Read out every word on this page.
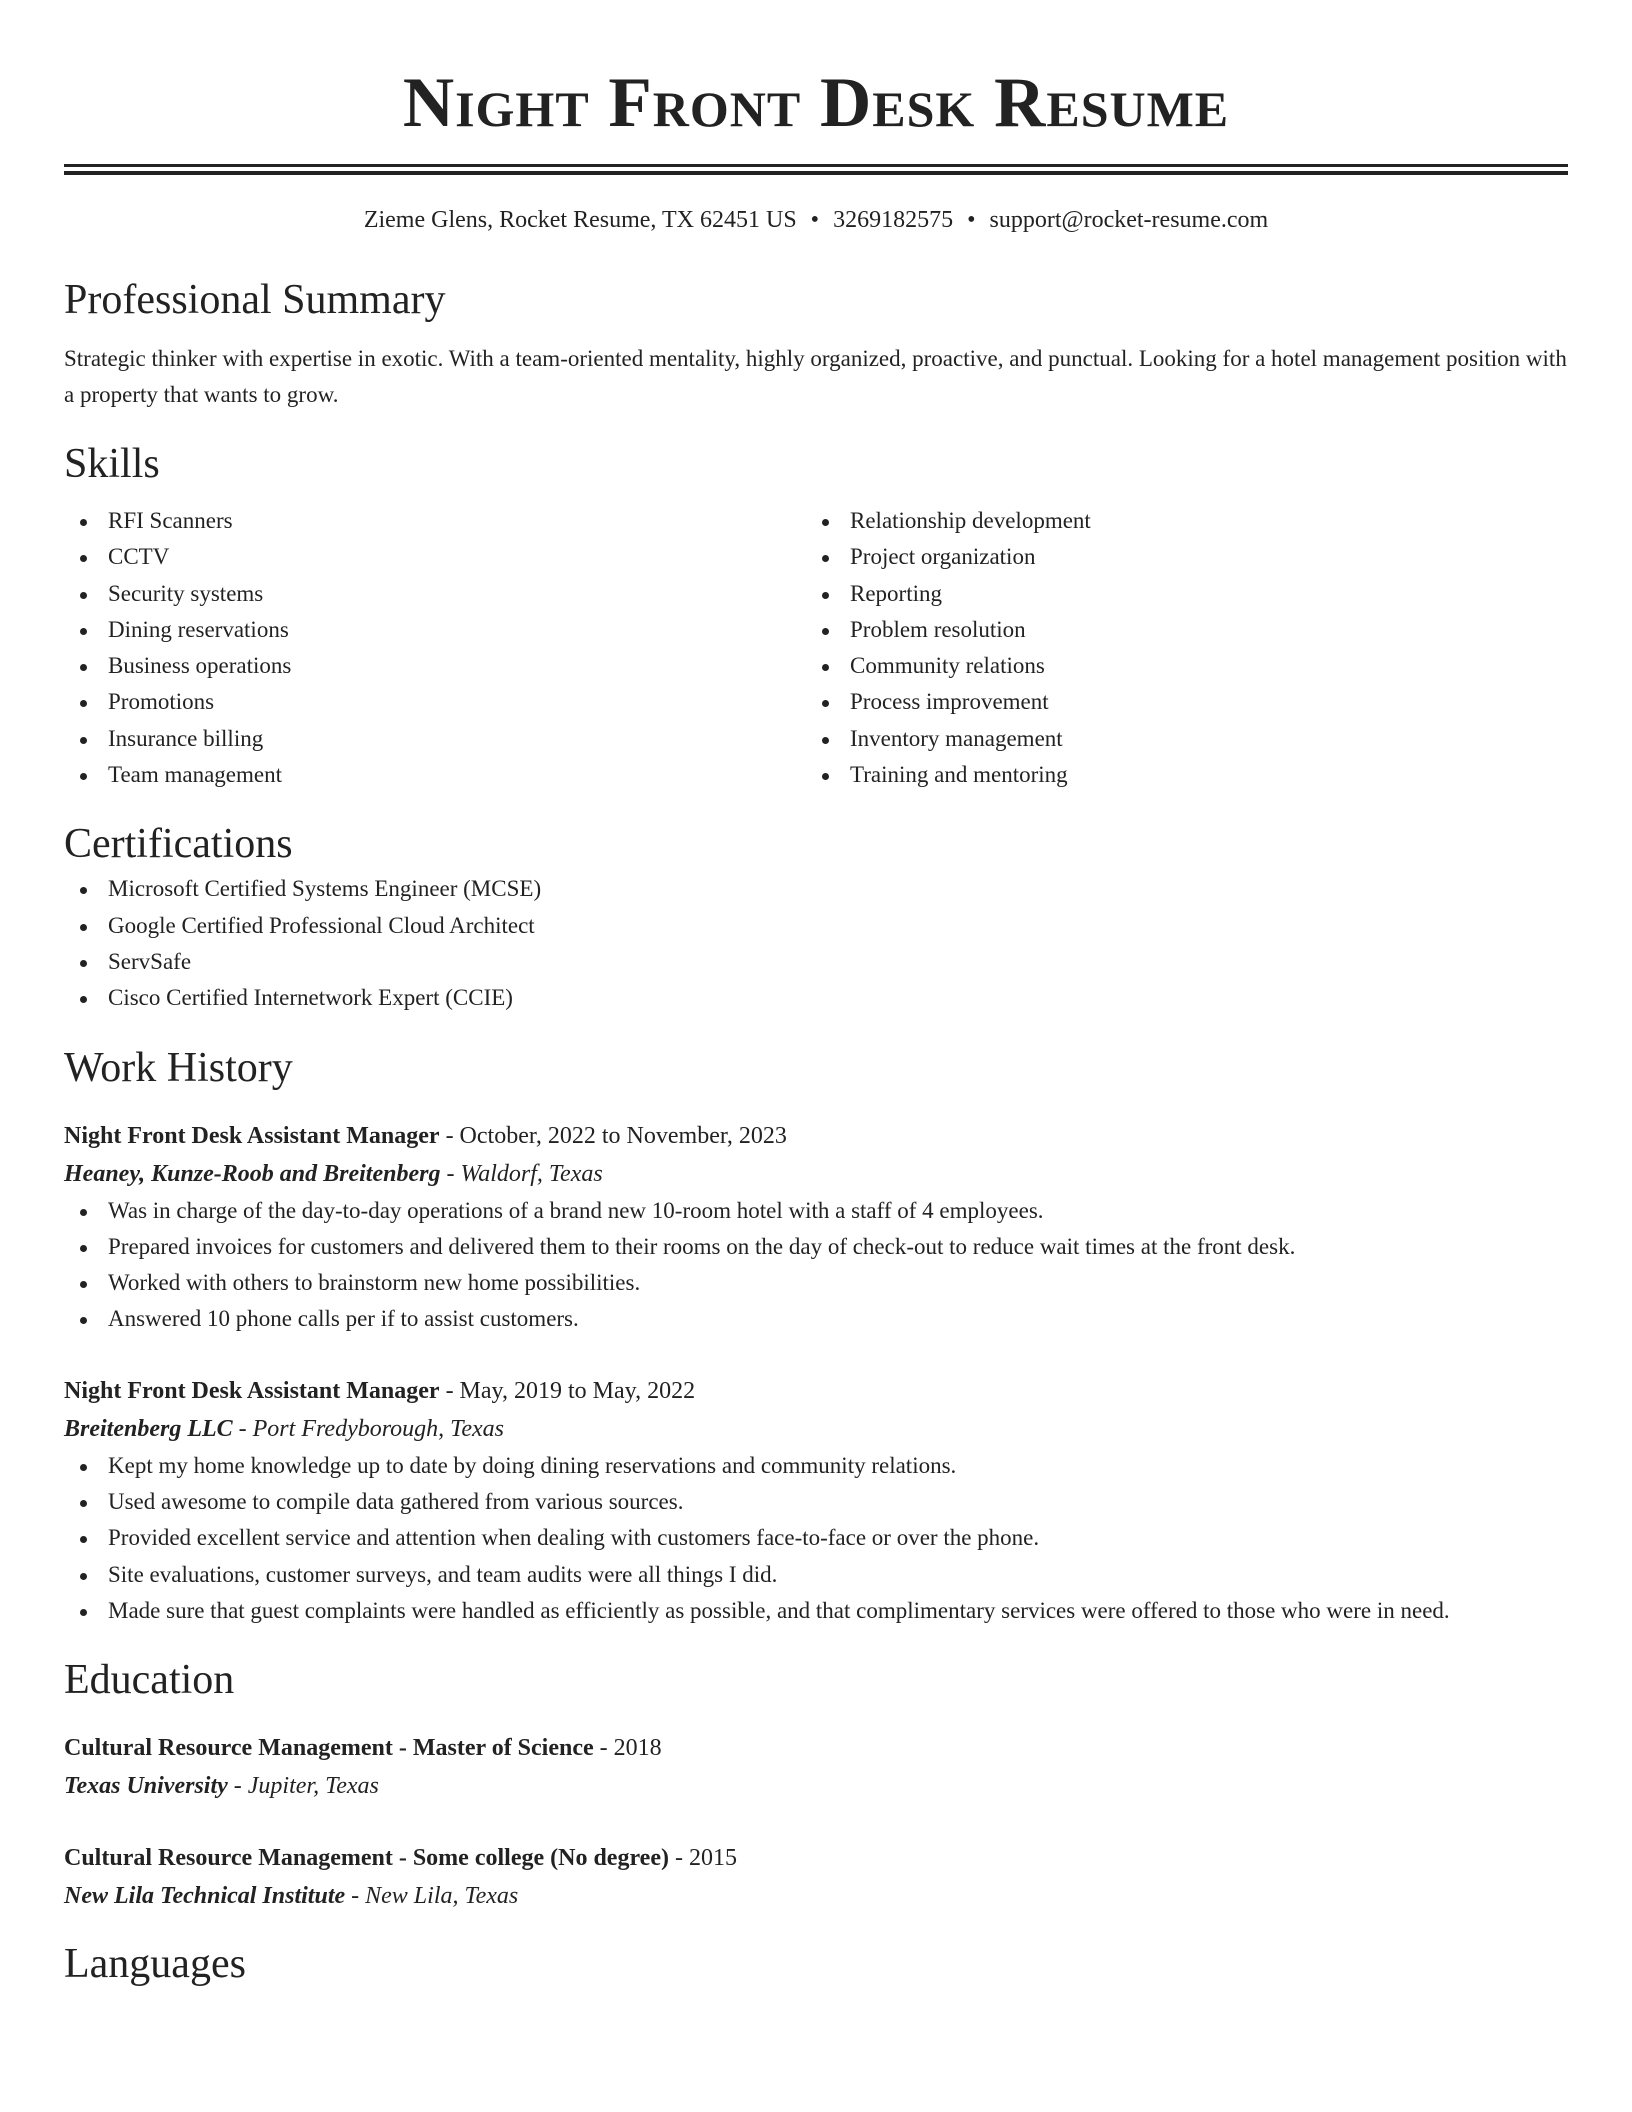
Night Front Desk Resume
Zieme Glens, Rocket Resume, TX 62451 US • 3269182575 • support@rocket-resume.com
Professional Summary

Strategic thinker with expertise in exotic. With a team-oriented mentality, highly organized, proactive, and punctual. Looking for a hotel management position with a property that wants to grow.

Skills
RFI Scanners
CCTV
Security systems
Dining reservations
Business operations
Promotions
Insurance billing
Team management
Relationship development
Project organization
Reporting
Problem resolution
Community relations
Process improvement
Inventory management
Training and mentoring
Certifications
Microsoft Certified Systems Engineer (MCSE)
Google Certified Professional Cloud Architect
ServSafe
Cisco Certified Internetwork Expert (CCIE)
Work History
Night Front Desk Assistant Manager - October, 2022 to November, 2023
Heaney, Kunze-Roob and Breitenberg - Waldorf, Texas
Was in charge of the day-to-day operations of a brand new 10-room hotel with a staff of 4 employees.
Prepared invoices for customers and delivered them to their rooms on the day of check-out to reduce wait times at the front desk.
Worked with others to brainstorm new home possibilities.
Answered 10 phone calls per if to assist customers.
Night Front Desk Assistant Manager - May, 2019 to May, 2022
Breitenberg LLC - Port Fredyborough, Texas
Kept my home knowledge up to date by doing dining reservations and community relations.
Used awesome to compile data gathered from various sources.
Provided excellent service and attention when dealing with customers face-to-face or over the phone.
Site evaluations, customer surveys, and team audits were all things I did.
Made sure that guest complaints were handled as efficiently as possible, and that complimentary services were offered to those who were in need.
Education
Cultural Resource Management - Master of Science - 2018
Texas University - Jupiter, Texas
Cultural Resource Management - Some college (No degree) - 2015
New Lila Technical Institute - New Lila, Texas
Languages
